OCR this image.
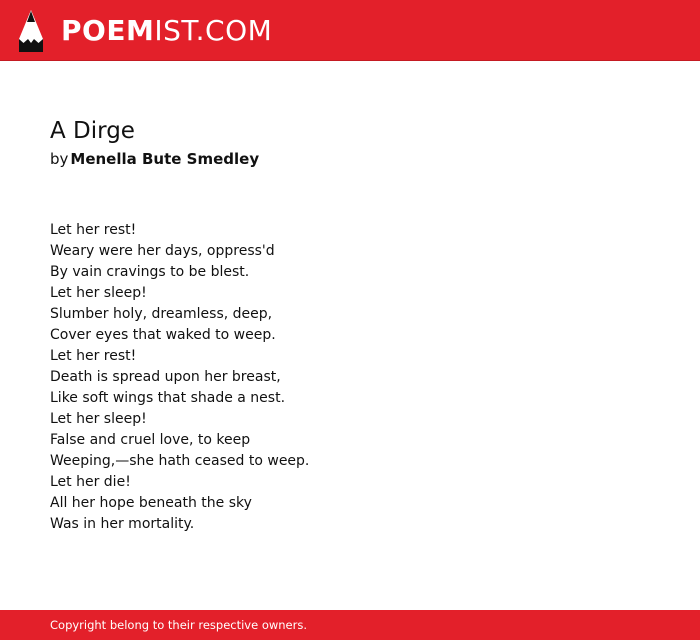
POEMIST.COM
A Dirge

by Menella Bute Smedley

Let her rest!
Weary were her days, oppress'd
By vain cravings to be blest.
Let her sleep!
Slumber holy, dreamless, deep,
Cover eyes that waked to weep.
Let her rest!
Death is spread upon her breast,
Like soft wings that shade a nest.
Let her sleep!
False and cruel love, to keep
Weeping,—she hath ceased to weep.
Let her die!
All her hope beneath the sky
Was in her mortality.
Copyright belong to their respective owners.
